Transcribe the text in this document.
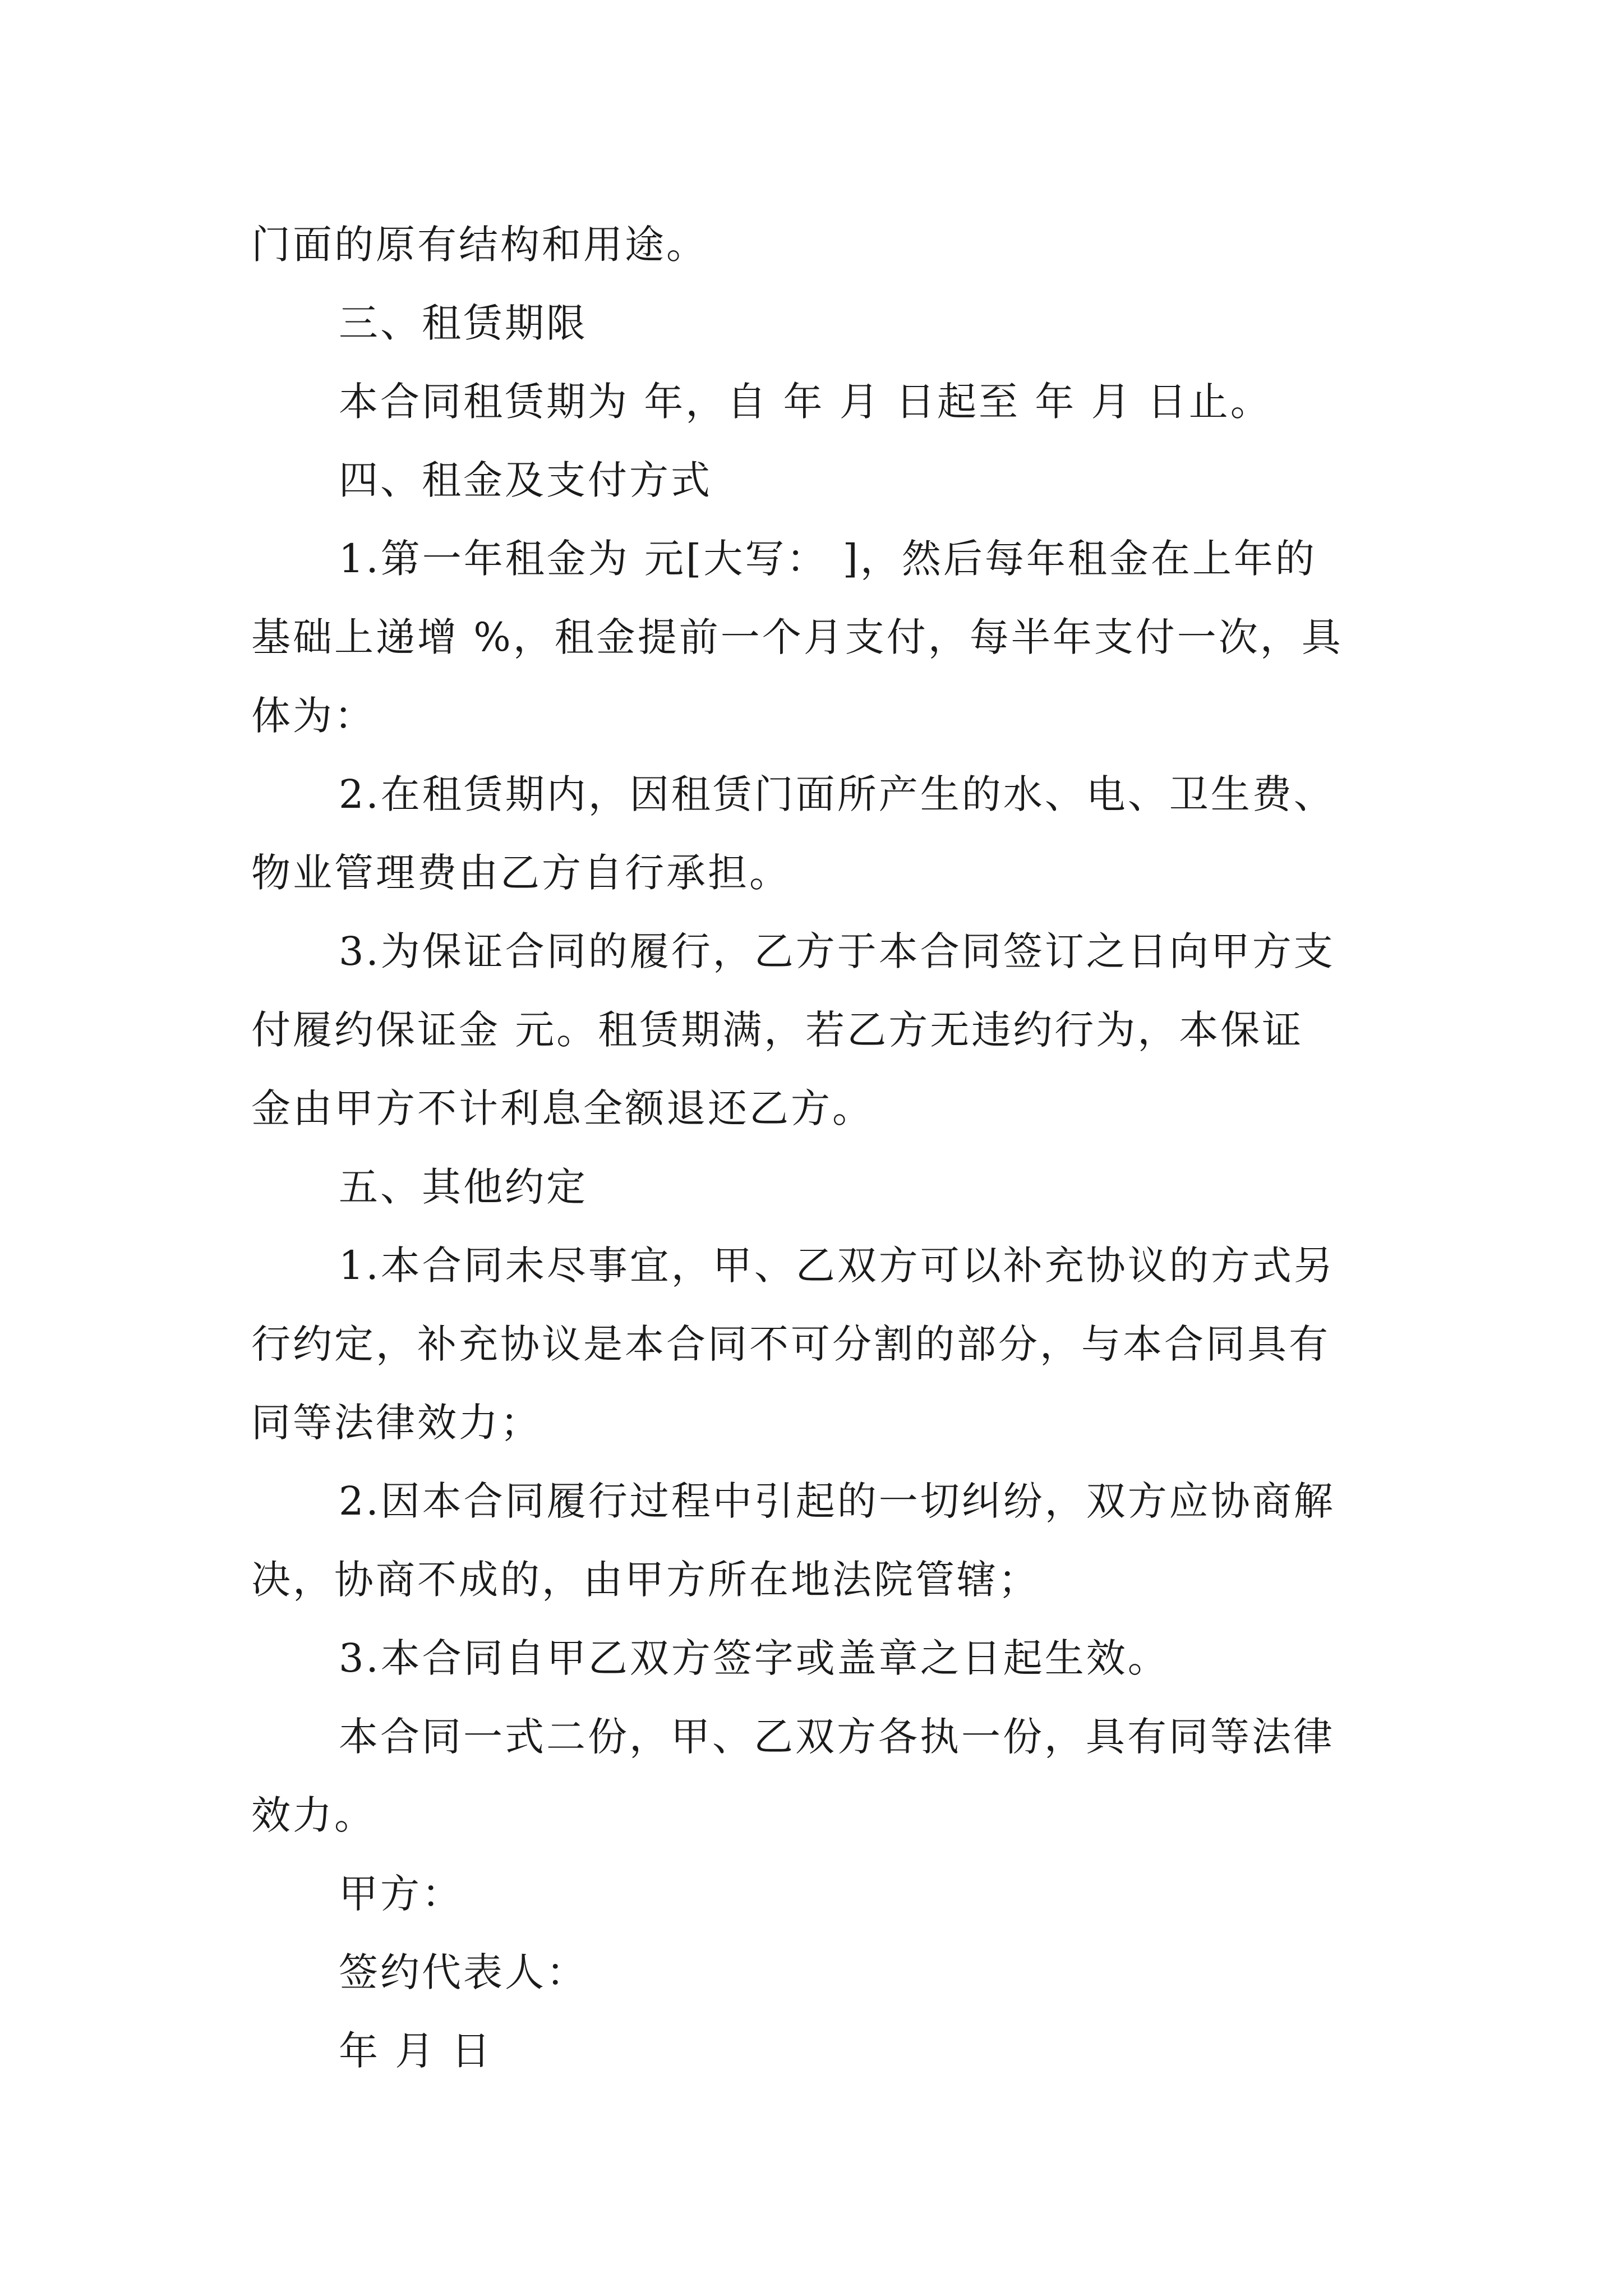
门面的原有结构和用途。
三、租赁期限
本合同租赁期为 年，自 年 月 日起至 年 月 日止。
四、租金及支付方式
1.第一年租金为 元[大写： ]，然后每年租金在上年的
基础上递增 %，租金提前一个月支付，每半年支付一次，具
体为：
2.在租赁期内，因租赁门面所产生的水、电、卫生费、
物业管理费由乙方自行承担。
3.为保证合同的履行，乙方于本合同签订之日向甲方支
付履约保证金 元。租赁期满，若乙方无违约行为，本保证
金由甲方不计利息全额退还乙方。
五、其他约定
1.本合同未尽事宜，甲、乙双方可以补充协议的方式另
行约定，补充协议是本合同不可分割的部分，与本合同具有
同等法律效力；
2.因本合同履行过程中引起的一切纠纷，双方应协商解
决，协商不成的，由甲方所在地法院管辖；
3.本合同自甲乙双方签字或盖章之日起生效。
本合同一式二份，甲、乙双方各执一份，具有同等法律
效力。
甲方：
签约代表人：
年 月 日
